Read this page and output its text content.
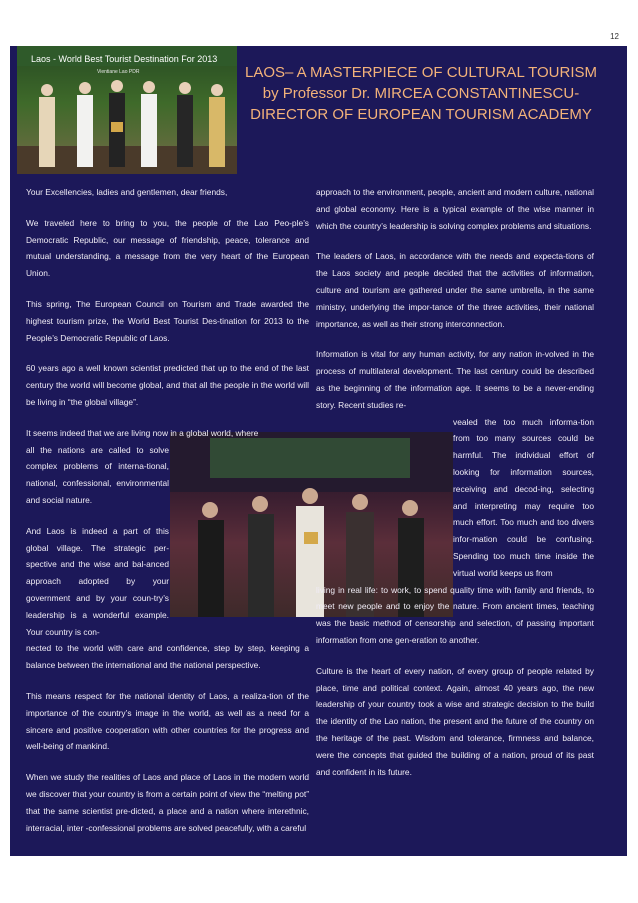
12
Laos - World Best Tourist Destination For 2013
Vientiane Lao PDR	LAOS– A MASTERPIECE OF CULTURAL TOURISM by Professor Dr. MIRCEA CONSTANTINESCU-DIRECTOR OF EUROPEAN TOURISM ACADEMY

Your Excellencies, ladies and gentlemen, dear friends,

We traveled here to bring to you, the people of the Lao Peo-ple’s Democratic Republic, our message of friendship, peace, tolerance and mutual understanding, a message from the very heart of the European Union.

This spring, The European Council on Tourism and Trade awarded the highest tourism prize, the World Best Tourist Des-tination for 2013 to the People’s Democratic Republic of Laos.

60 years ago a well known scientist predicted that up to the end of the last century the world will become global, and that all the people in the world will be living in “the global village”.

It seems indeed that we are living now in a global world, where

all the nations are called to solve complex problems of interna-tional, national, confessional, environmental and social nature.

And Laos is indeed a part of this global village. The strategic per-spective and the wise and bal-anced approach adopted by your government and by your coun-try’s leadership is a wonderful example. Your country is con-

nected to the world with care and confidence, step by step, keeping a balance between the international and the national perspective.

This means respect for the national identity of Laos, a realiza-tion of the importance of the country’s image in the world, as well as a need for a sincere and positive cooperation with other countries for the progress and well-being of mankind.

When we study the realities of Laos and place of Laos in the modern world we discover that your country is from a certain point of view the “melting pot” that the same scientist pre-dicted, a place and a nation where interethnic, interracial, inter -confessional problems are solved peacefully, with a careful

approach to the environment, people, ancient and modern culture, national and global economy. Here is a typical example of the wise manner in which the country’s leadership is solving complex problems and situations.

The leaders of Laos, in accordance with the needs and expecta-tions of the Laos society and people decided that the activities of information, culture and tourism are gathered under the same umbrella, in the same ministry, underlying the impor-tance of the three activities, their national importance, as well as their strong interconnection.

Information is vital for any human activity, for any nation in-volved in the process of multilateral development. The last century could be described as the beginning of the information age. It seems to be a never-ending story. Recent studies re-

vealed the too much informa-tion from too many sources could be harmful. The individual effort of looking for information sources, receiving and decod-ing, selecting and interpreting may require too much effort. Too much and too divers infor-mation could be confusing. Spending too much time inside the virtual world keeps us from

living in real life: to work, to spend quality time with family and friends, to meet new people and to enjoy the nature. From ancient times, teaching was the basic method of censorship and selection, of passing important information from one gen-eration to another.

Culture is the heart of every nation, of every group of people related by place, time and political context. Again, almost 40 years ago, the new leadership of your country took a wise and strategic decision to the build the identity of the Lao nation, the present and the future of the country on the heritage of the past. Wisdom and tolerance, firmness and balance, were the concepts that guided the building of a nation, proud of its past and confident in its future.
